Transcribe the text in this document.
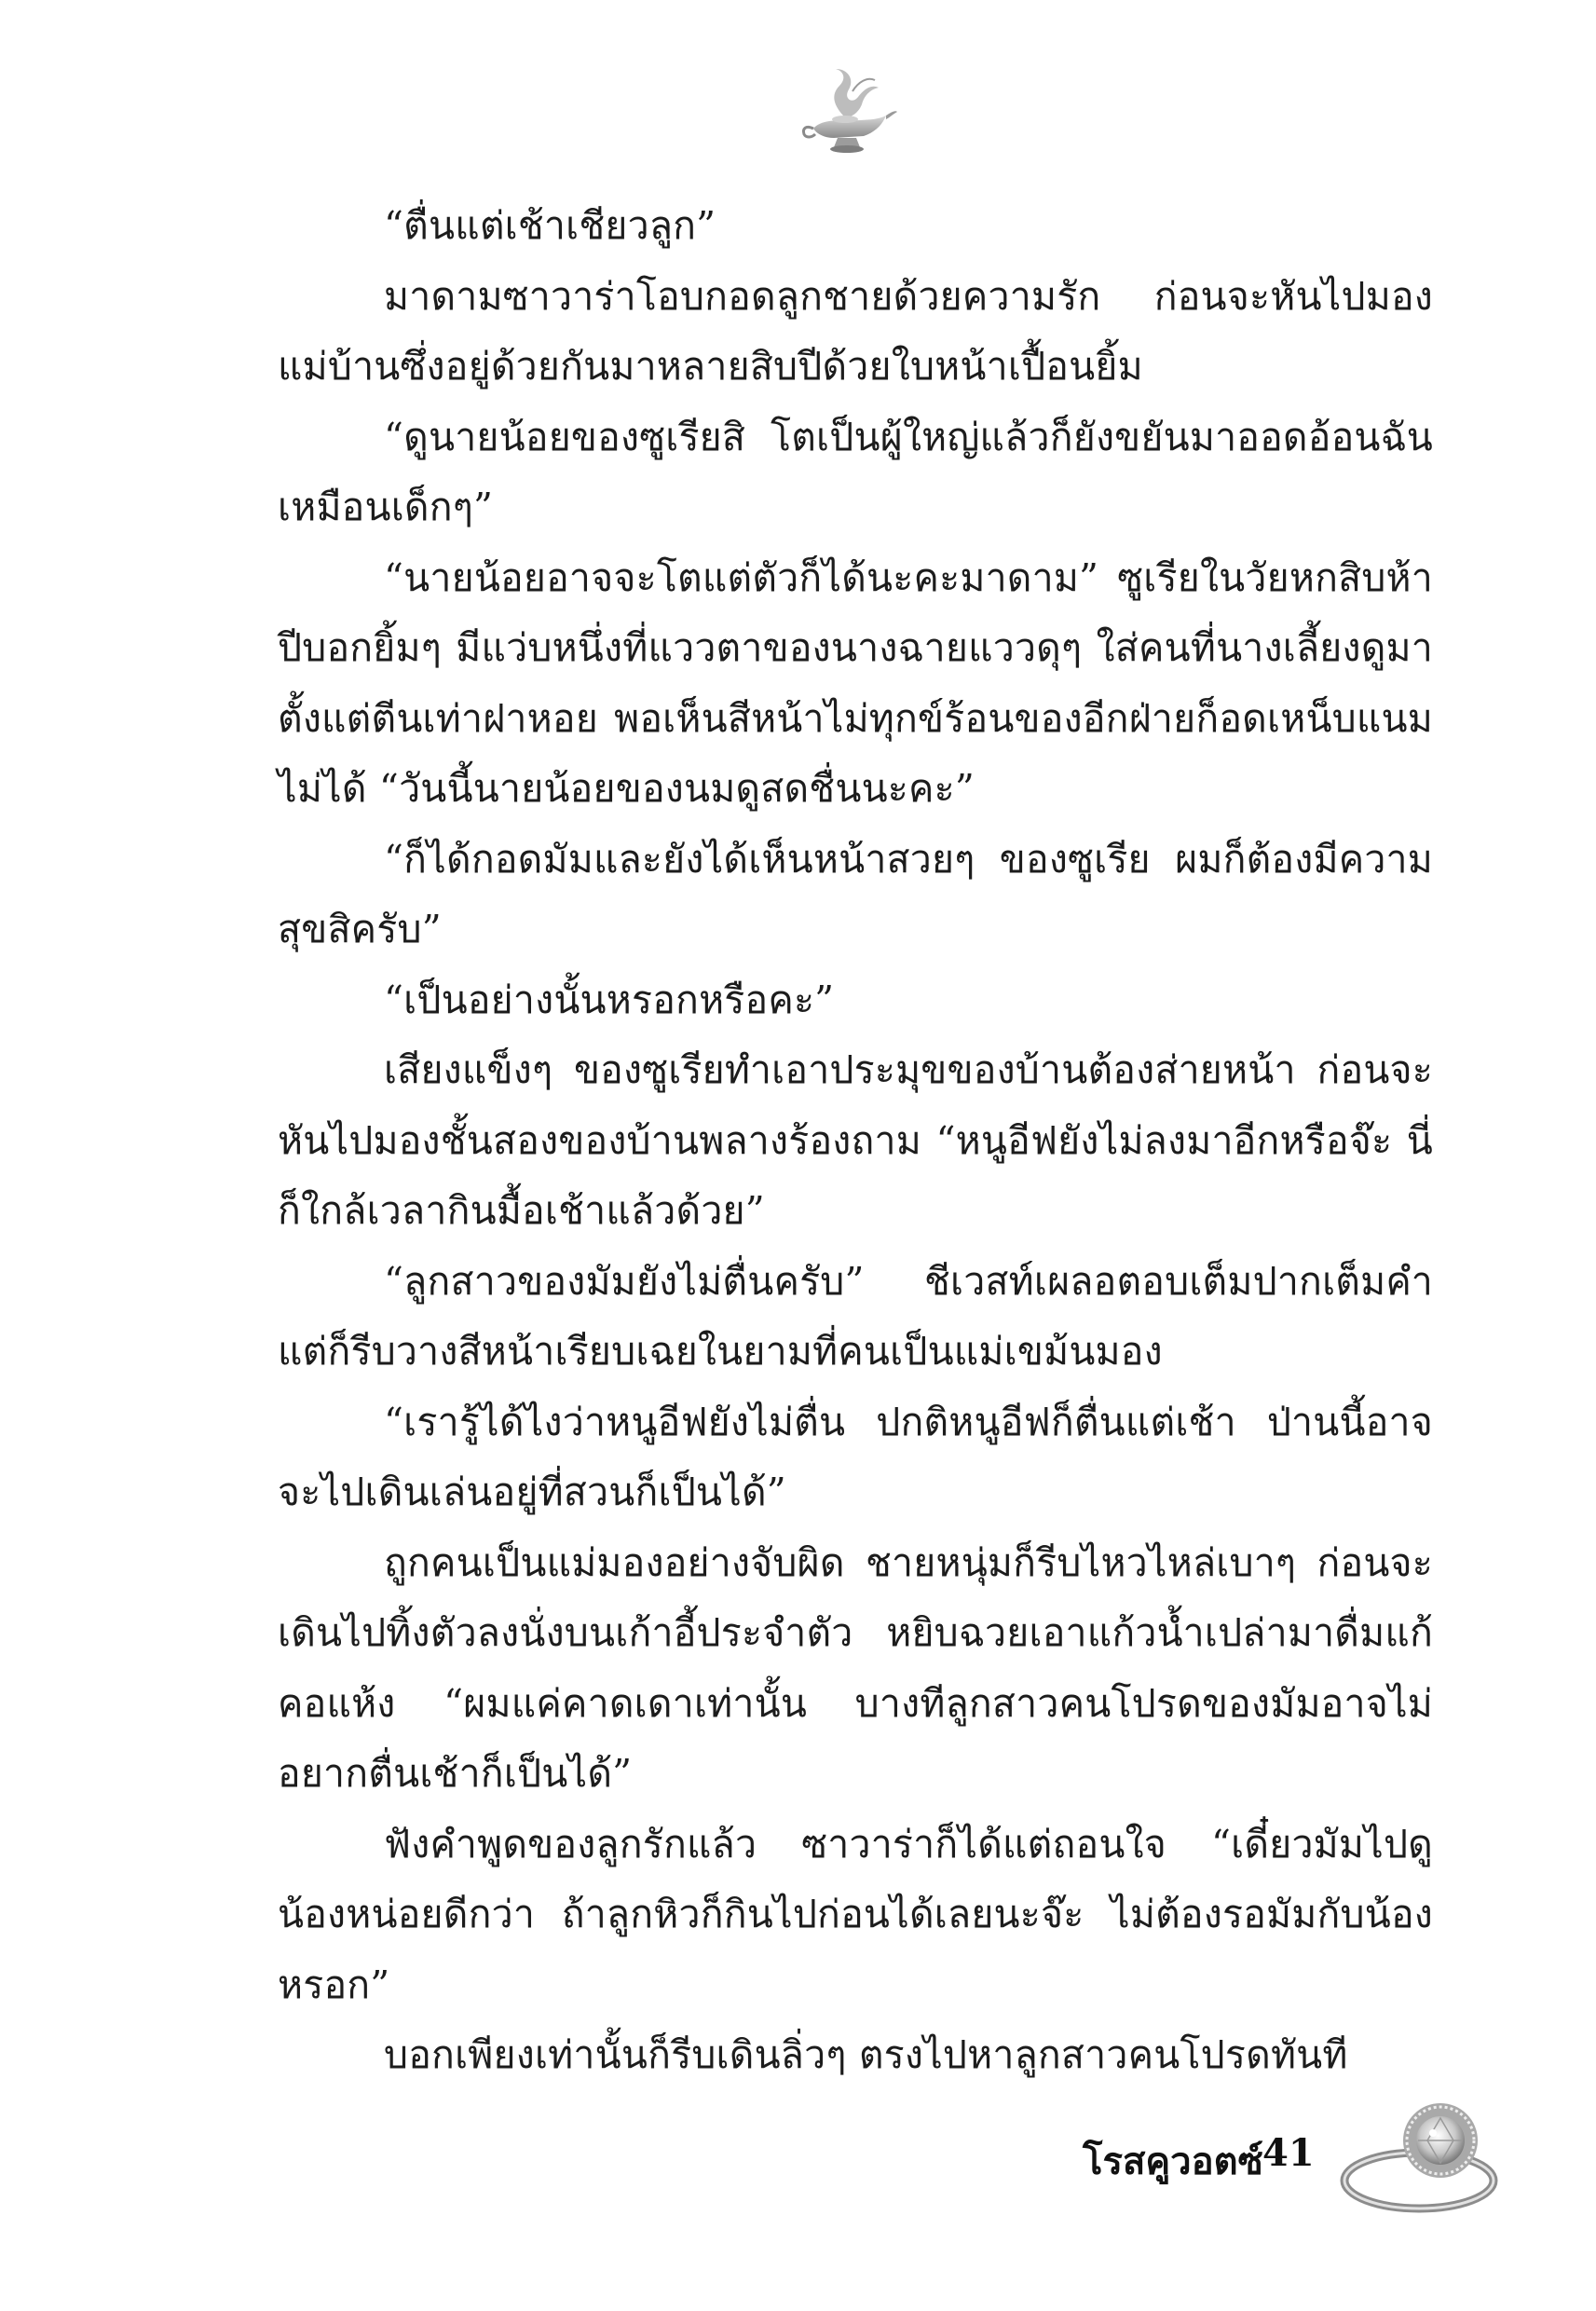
“ตื่นแต่เช้าเชียวลูก”

มาดามซาวาร่าโอบกอดลูกชายด้วยความรัก ก่อนจะหันไปมองแม่บ้านซึ่งอยู่ด้วยกันมาหลายสิบปีด้วยใบหน้าเปื้อนยิ้ม

“ดูนายน้อยของซูเรียสิ โตเป็นผู้ใหญ่แล้วก็ยังขยันมาออดอ้อนฉันเหมือนเด็กๆ”

“นายน้อยอาจจะโตแต่ตัวก็ได้นะคะมาดาม” ซูเรียในวัยหกสิบห้าปีบอกยิ้มๆ มีแว่บหนึ่งที่แววตาของนางฉายแววดุๆ ใส่คนที่นางเลี้ยงดูมาตั้งแต่ตีนเท่าฝาหอย พอเห็นสีหน้าไม่ทุกข์ร้อนของอีกฝ่ายก็อดเหน็บแนมไม่ได้ “วันนี้นายน้อยของนมดูสดชื่นนะคะ”

“ก็ได้กอดมัมและยังได้เห็นหน้าสวยๆ ของซูเรีย ผมก็ต้องมีความสุขสิครับ”

“เป็นอย่างนั้นหรอกหรือคะ”

เสียงแข็งๆ ของซูเรียทำเอาประมุขของบ้านต้องส่ายหน้า ก่อนจะหันไปมองชั้นสองของบ้านพลางร้องถาม “หนูอีฟยังไม่ลงมาอีกหรือจ๊ะ นี่ก็ใกล้เวลากินมื้อเช้าแล้วด้วย”

“ลูกสาวของมัมยังไม่ตื่นครับ” ชีเวสท์เผลอตอบเต็มปากเต็มคำ แต่ก็รีบวางสีหน้าเรียบเฉยในยามที่คนเป็นแม่เขม้นมอง

“เรารู้ได้ไงว่าหนูอีฟยังไม่ตื่น ปกติหนูอีฟก็ตื่นแต่เช้า ป่านนี้อาจจะไปเดินเล่นอยู่ที่สวนก็เป็นได้”

ถูกคนเป็นแม่มองอย่างจับผิด ชายหนุ่มก็รีบไหวไหล่เบาๆ ก่อนจะเดินไปทิ้งตัวลงนั่งบนเก้าอี้ประจำตัว หยิบฉวยเอาแก้วน้ำเปล่ามาดื่มแก้คอแห้ง “ผมแค่คาดเดาเท่านั้น บางทีลูกสาวคนโปรดของมัมอาจไม่อยากตื่นเช้าก็เป็นได้”

ฟังคำพูดของลูกรักแล้ว ซาวาร่าก็ได้แต่ถอนใจ “เดี๋ยวมัมไปดูน้องหน่อยดีกว่า ถ้าลูกหิวก็กินไปก่อนได้เลยนะจ๊ะ ไม่ต้องรอมัมกับน้องหรอก”

บอกเพียงเท่านั้นก็รีบเดินลิ่วๆ ตรงไปหาลูกสาวคนโปรดทันที

โรสคูวอตซ์ 41
